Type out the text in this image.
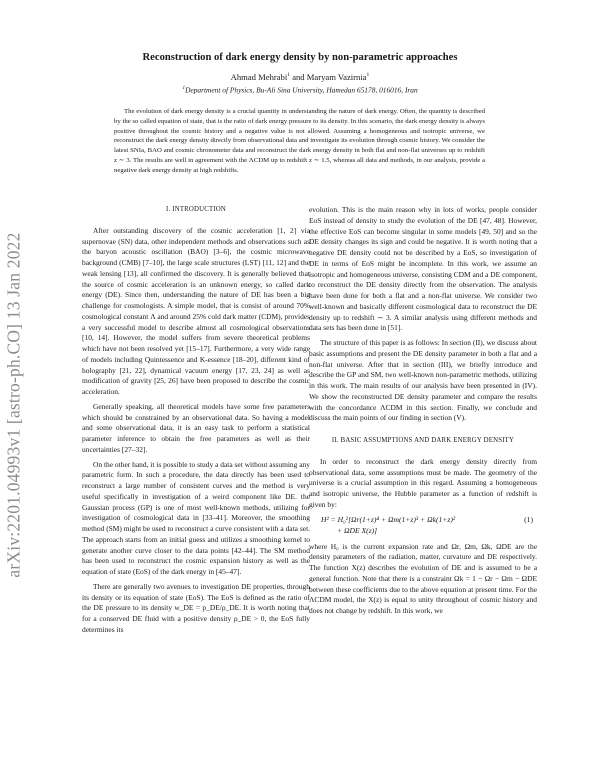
arXiv:2201.04993v1 [astro-ph.CO] 13 Jan 2022
Reconstruction of dark energy density by non-parametric approaches
Ahmad Mehrabi$^1$ and Maryam Vazirnia$^1$
$^1$Department of Physics, Bu-Ali Sina University, Hamedan 65178, 016016, Iran
The evolution of dark energy density is a crucial quantity in understanding the nature of dark energy. Often, the quantity is described by the so called equation of state, that is the ratio of dark energy pressure to its density. In this scenario, the dark energy density is always positive throughout the cosmic history and a negative value is not allowed. Assuming a homogeneous and isotropic universe, we reconstruct the dark energy density directly from observational data and investigate its evolution through cosmic history. We consider the latest SNIa, BAO and cosmic chronometer data and reconstruct the dark energy density in both flat and non-flat universes up to redshift z ∼ 3. The results are well in agreement with the ΛCDM up to redshift z ∼ 1.5, whereas all data and methods, in our analysis, provide a negative dark energy density at high redshifts.
I. INTRODUCTION

After outstanding discovery of the cosmic acceleration [1, 2] via supernovae (SN) data, other independent methods and observations such as the baryon acoustic oscillation (BAO) [3–6], the cosmic microwave background (CMB) [7–10], the large scale structures (LST) [11, 12] and the weak lensing [13], all confirmed the discovery. It is generally believed that the source of cosmic acceleration is an unknown energy, so called dark energy (DE). Since then, understanding the nature of DE has been a big challenge for cosmologists. A simple model, that is consist of around 70% cosmological constant Λ and around 25% cold dark matter (CDM), provides a very successful model to describe almost all cosmological observations [10, 14]. However, the model suffers from severe theoretical problems which have not been resolved yet [15–17]. Furthermore, a very wide range of models including Quintessence and K-essence [18–20], different kind of holography [21, 22], dynamical vacuum energy [17, 23, 24] as well as modification of gravity [25, 26] have been proposed to describe the cosmic acceleration.

Generally speaking, all theoretical models have some free parameters which should be constrained by an observational data. So having a model and some observational data, it is an easy task to perform a statistical parameter inference to obtain the free parameters as well as their uncertainties [27–32].

On the other hand, it is possible to study a data set without assuming any parametric form. In such a procedure, the data directly has been used to reconstruct a large number of consistent curves and the method is very useful specifically in investigation of a weird component like DE. the Gaussian process (GP) is one of most well-known methods, utilizing for investigation of cosmological data in [33–41]. Moreover, the smoothing method (SM) might be used to reconstruct a curve consistent with a data set. The approach starts from an initial guess and utilizes a smoothing kernel to generate another curve closer to the data points [42–44]. The SM method has been used to reconstruct the cosmic expansion history as well as the equation of state (EoS) of the dark energy in [45–47].

There are generally two avenues to investigation DE properties, through its density or its equation of state (EoS). The EoS is defined as the ratio of the DE pressure to its density w_DE = p_DE/ρ_DE. It is worth noting that for a conserved DE fluid with a positive density ρ_DE > 0, the EoS fully determines its

evolution. This is the main reason why in lots of works, people consider EoS instead of density to study the evolution of the DE [47, 48]. However, the effective EoS can become singular in some models [49, 50] and so the DE density changes its sign and could be negative. It is worth noting that a negative DE density could not be described by a EoS, so investigation of DE in terms of EoS might be incomplete. In this work, we assume an isotropic and homogeneous universe, consisting CDM and a DE component, to reconstruct the DE density directly from the observation. The analysis have been done for both a flat and a non-flat universe. We consider two well-known and basically different cosmological data to reconstruct the DE density up to redshift ∼ 3. A similar analysis using different methods and data sets has been done in [51].

The structure of this paper is as follows: In section (II), we discuss about basic assumptions and present the DE density parameter in both a flat and a non-flat universe. After that in section (III), we briefly introduce and describe the GP and SM, two well-known non-parametric methods, utilizing in this work. The main results of our analysis have been presented in (IV). We show the reconstructed DE density parameter and compare the results with the concordance ΛCDM in this section. Finally, we conclude and discuss the main points of our finding in section (V).

II. BASIC ASSUMPTIONS AND DARK ENERGY DENSITY

In order to reconstruct the dark energy density directly from observational data, some assumptions must be made. The geometry of the universe is a crucial assumption in this regard. Assuming a homogeneous and isotropic universe, the Hubble parameter as a function of redshift is given by:

H² = H₀²[Ωr(1+z)⁴ + Ωm(1+z)³ + Ωk(1+z)²
+ ΩDE X(z)]
(1)

where H₀ is the current expansion rate and Ωr, Ωm, Ωk, ΩDE are the density parameters of the radiation, matter, curvature and DE respectively. The function X(z) describes the evolution of DE and is assumed to be a general function. Note that there is a constraint Ωk = 1 − Ωr − Ωm − ΩDE between these coefficients due to the above equation at present time. For the ΛCDM model, the X(z) is equal to unity throughout of cosmic history and does not change by redshift. In this work, we
